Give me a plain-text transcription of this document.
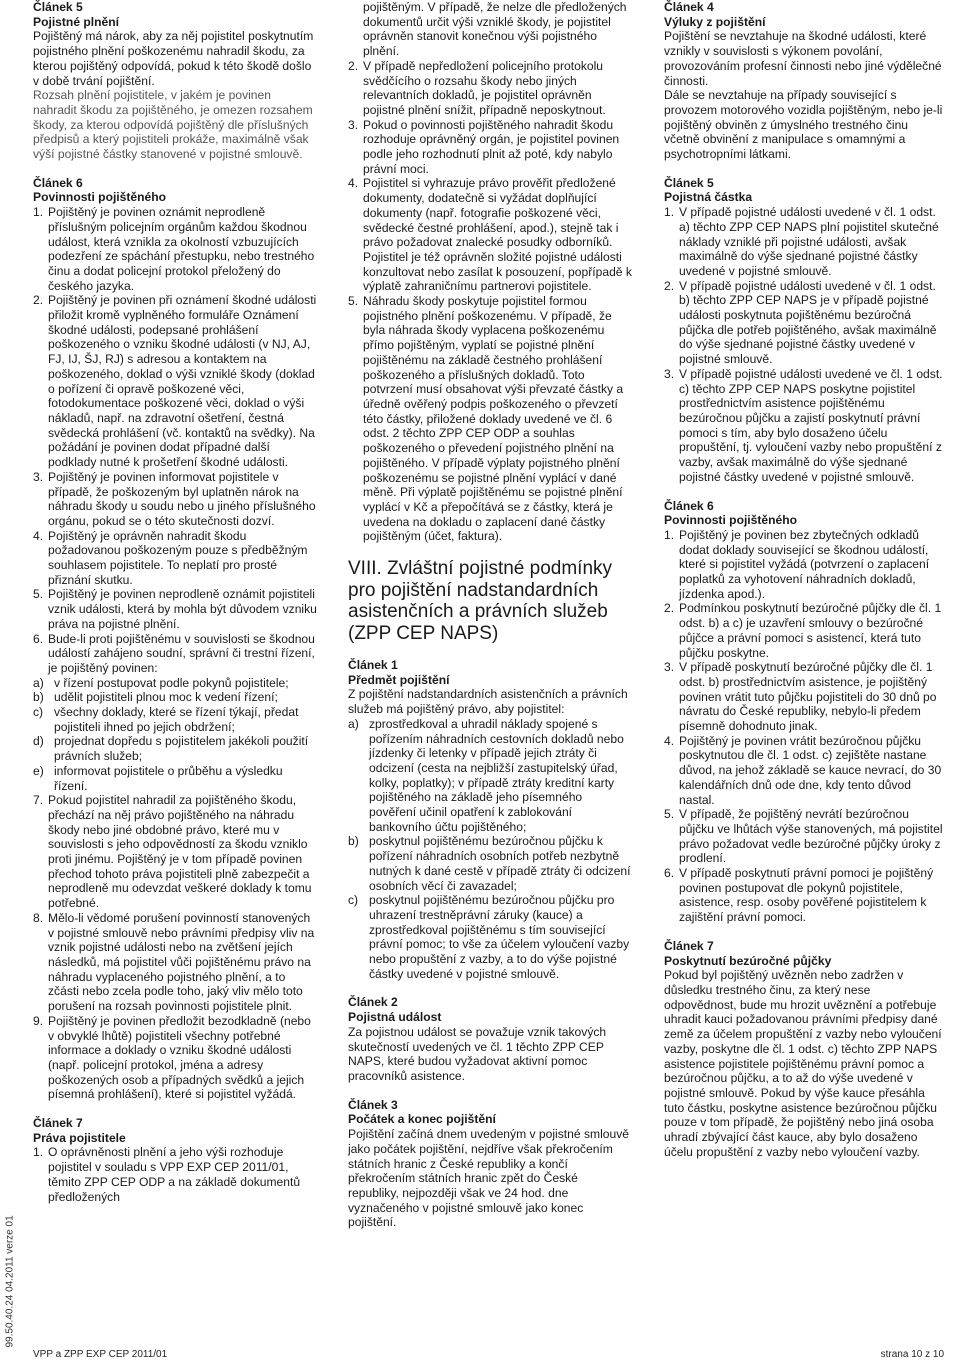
Článek 5

Pojistné plnění

Pojištěný má nárok, aby za něj pojistitel poskytnutím pojistného plnění poškozenému nahradil škodu, za kterou pojištěný odpovídá, pokud k této škodě došlo v době trvání pojištění.

Rozsah plnění pojistitele, v jakém je povinen nahradit škodu za pojištěného, je omezen rozsahem škody, za kterou odpovídá pojištěný dle příslušných předpisů a který pojistiteli prokáže, maximálně však výší pojistné částky stanovené v pojistné smlouvě.

Článek 6

Povinnosti pojištěného

1. Pojištěný je povinen oznámit neprodleně příslušným policejním orgánům každou škodnou událost, která vznikla za okolností vzbuzujících podezření ze spáchání přestupku, nebo trestného činu a dodat policejní protokol přeložený do českého jazyka.
2. Pojištěný je povinen při oznámení škodné události přiložit kromě vyplněného formuláře Oznámení škodné události, podepsané prohlášení poškozeného o vzniku škodné události (v NJ, AJ, FJ, IJ, ŠJ, RJ) s adresou a kontaktem na poškozeného, doklad o výši vzniklé škody (doklad o pořízení či opravě poškozené věci, fotodokumentace poškozené věci, doklad o výši nákladů, např. na zdravotní ošetření, čestná svědecká prohlášení (vč. kontaktů na svědky). Na požádání je povinen dodat případné další podklady nutné k prošetření škodné události.
3. Pojištěný je povinen informovat pojistitele v případě, že poškozeným byl uplatněn nárok na náhradu škody u soudu nebo u jiného příslušného orgánu, pokud se o této skutečnosti dozví.
4. Pojištěný je oprávněn nahradit škodu požadovanou poškozeným pouze s předběžným souhlasem pojistitele. To neplatí pro prosté přiznání skutku.
5. Pojištěný je povinen neprodleně oznámit pojistiteli vznik události, která by mohla být důvodem vzniku práva na pojistné plnění.
6. Bude-li proti pojištěnému v souvislosti se škodnou událostí zahájeno soudní, správní či trestní řízení, je pojištěný povinen:
a) v řízení postupovat podle pokynů pojistitele;
b) udělit pojistiteli plnou moc k vedení řízení;
c) všechny doklady, které se řízení týkají, předat pojistiteli ihned po jejich obdržení;
d) projednat dopředu s pojistitelem jakékoli použití právních služeb;
e) informovat pojistitele o průběhu a výsledku řízení.
7. Pokud pojistitel nahradil za pojištěného škodu, přechází na něj právo pojištěného na náhradu škody nebo jiné obdobné právo, které mu v souvislosti s jeho odpovědností za škodu vzniklo proti jinému. Pojištěný je v tom případě povinen přechod tohoto práva pojistiteli plně zabezpečit a neprodleně mu odevzdat veškeré doklady k tomu potřebné.
8. Mělo-li vědomé porušení povinností stanovených v pojistné smlouvě nebo právními předpisy vliv na vznik pojistné události nebo na zvětšení jejích následků, má pojistitel vůči pojištěnému právo na náhradu vyplaceného pojistného plnění, a to zčásti nebo zcela podle toho, jaký vliv mělo toto porušení na rozsah povinnosti pojistitele plnit.
9. Pojištěný je povinen předložit bezodkladně (nebo v obvyklé lhůtě) pojistiteli všechny potřebné informace a doklady o vzniku škodné události (např. policejní protokol, jména a adresy poškozených osob a případných svědků a jejich písemná prohlášení), které si pojistitel vyžádá.

Článek 7

Práva pojistitele

1. O oprávněnosti plnění a jeho výši rozhoduje pojistitel v souladu s VPP EXP CEP 2011/01, těmito ZPP CEP ODP a na základě dokumentů předložených

pojištěným. V případě, že nelze dle předložených dokumentů určit výši vzniklé škody, je pojistitel oprávněn stanovit konečnou výši pojistného plnění.

2. V případě nepředložení policejního protokolu svědčícího o rozsahu škody nebo jiných relevantních dokladů, je pojistitel oprávněn pojistné plnění snížit, případně neposkytnout.
3. Pokud o povinnosti pojištěného nahradit škodu rozhoduje oprávněný orgán, je pojistitel povinen podle jeho rozhodnutí plnit až poté, kdy nabylo právní moci.
4. Pojistitel si vyhrazuje právo prověřit předložené dokumenty, dodatečně si vyžádat doplňující dokumenty (např. fotografie poškozené věci, svědecké čestné prohlášení, apod.), stejně tak i právo požadovat znalecké posudky odborníků. Pojistitel je též oprávněn složité pojistné události konzultovat nebo zasílat k posouzení, popřípadě k výplatě zahraničnímu partnerovi pojistitele.
5. Náhradu škody poskytuje pojistitel formou pojistného plnění poškozenému. V případě, že byla náhrada škody vyplacena poškozenému přímo pojištěným, vyplatí se pojistné plnění pojištěnému na základě čestného prohlášení poškozeného a příslušných dokladů. Toto potvrzení musí obsahovat výši převzaté částky a úředně ověřený podpis poškozeného o převzetí této částky, přiložené doklady uvedené ve čl. 6 odst. 2 těchto ZPP CEP ODP a souhlas poškozeného o převedení pojistného plnění na pojištěného. V případě výplaty pojistného plnění poškozenému se pojistné plnění vyplácí v dané měně. Při výplatě pojištěnému se pojistné plnění vyplácí v Kč a přepočítává se z částky, která je uvedena na dokladu o zaplacení dané částky pojištěným (účet, faktura).

VIII. Zvláštní pojistné podmínky pro pojištění nadstandardních asistenčních a právních služeb (ZPP CEP NAPS)

Článek 1

Předmět pojištění

Z pojištění nadstandardních asistenčních a právních služeb má pojištěný právo, aby pojistitel:

a) zprostředkoval a uhradil náklady spojené s pořízením náhradních cestovních dokladů nebo jízdenky či letenky v případě jejich ztráty či odcizení (cesta na nejbližší zastupitelský úřad, kolky, poplatky); v případě ztráty kreditní karty pojištěného na základě jeho písemného pověření učinil opatření k zablokování bankovního účtu pojištěného;
b) poskytnul pojištěnému bezúročnou půjčku k pořízení náhradních osobních potřeb nezbytně nutných k dané cestě v případě ztráty či odcizení osobních věcí či zavazadel;
c) poskytnul pojištěnému bezúročnou půjčku pro uhrazení trestněprávní záruky (kauce) a zprostředkoval pojištěnému s tím související právní pomoc; to vše za účelem vyloučení vazby nebo propuštění z vazby, a to do výše pojistné částky uvedené v pojistné smlouvě.

Článek 2

Pojistná událost

Za pojistnou událost se považuje vznik takových skutečností uvedených ve čl. 1 těchto ZPP CEP NAPS, které budou vyžadovat aktivní pomoc pracovníků asistence.

Článek 3

Počátek a konec pojištění

Pojištění začíná dnem uvedeným v pojistné smlouvě jako počátek pojištění, nejdříve však překročením státních hranic z České republiky a končí překročením státních hranic zpět do České republiky, nejpozději však ve 24 hod. dne vyznačeného v pojistné smlouvě jako konec pojištění.

Článek 4

Výluky z pojištění

Pojištění se nevztahuje na škodné události, které vznikly v souvislosti s výkonem povolání, provozováním profesní činnosti nebo jiné výdělečné činnosti.

Dále se nevztahuje na případy související s provozem motorového vozidla pojištěným, nebo je-li pojištěný obviněn z úmyslného trestného činu včetně obvinění z manipulace s omamnými a psychotropními látkami.

Článek 5

Pojistná částka

1. V případě pojistné události uvedené v čl. 1 odst. a) těchto ZPP CEP NAPS plní pojistitel skutečné náklady vzniklé při pojistné události, avšak maximálně do výše sjednané pojistné částky uvedené v pojistné smlouvě.
2. V případě pojistné události uvedené v čl. 1 odst. b) těchto ZPP CEP NAPS je v případě pojistné události poskytnuta pojištěnému bezúročná půjčka dle potřeb pojištěného, avšak maximálně do výše sjednané pojistné částky uvedené v pojistné smlouvě.
3. V případě pojistné události uvedené ve čl. 1 odst. c) těchto ZPP CEP NAPS poskytne pojistitel prostřednictvím asistence pojištěnému bezúročnou půjčku a zajistí poskytnutí právní pomoci s tím, aby bylo dosaženo účelu propuštění, tj. vyloučení vazby nebo propuštění z vazby, avšak maximálně do výše sjednané pojistné částky uvedené v pojistné smlouvě.

Článek 6

Povinnosti pojištěného

1. Pojištěný je povinen bez zbytečných odkladů dodat doklady související se škodnou událostí, které si pojistitel vyžádá (potvrzení o zaplacení poplatků za vyhotovení náhradních dokladů, jízdenka apod.).
2. Podmínkou poskytnutí bezúročné půjčky dle čl. 1 odst. b) a c) je uzavření smlouvy o bezúročné půjčce a právní pomoci s asistencí, která tuto půjčku poskytne.
3. V případě poskytnutí bezúročné půjčky dle čl. 1 odst. b) prostřednictvím asistence, je pojištěný povinen vrátit tuto půjčku pojistiteli do 30 dnů po návratu do České republiky, nebylo-li předem písemně dohodnuto jinak.
4. Pojištěný je povinen vrátit bezúročnou půjčku poskytnutou dle čl. 1 odst. c) zejištěte nastane důvod, na jehož základě se kauce nevrací, do 30 kalendářních dnů ode dne, kdy tento důvod nastal.
5. V případě, že pojištěný nevrátí bezúročnou půjčku ve lhůtách výše stanovených, má pojistitel právo požadovat vedle bezúročné půjčky úroky z prodlení.
6. V případě poskytnutí právní pomoci je pojištěný povinen postupovat dle pokynů pojistitele, asistence, resp. osoby pověřené pojistitelem k zajištění právní pomoci.

Článek 7

Poskytnutí bezúročné půjčky

Pokud byl pojištěný uvězněn nebo zadržen v důsledku trestného činu, za který nese odpovědnost, bude mu hrozit uvěznění a potřebuje uhradit kauci požadovanou právními předpisy dané země za účelem propuštění z vazby nebo vyloučení vazby, poskytne dle čl. 1 odst. c) těchto ZPP NAPS asistence pojistitele pojištěnému právní pomoc a bezúročnou půjčku, a to až do výše uvedené v pojistné smlouvě. Pokud by výše kauce přesáhla tuto částku, poskytne asistence bezúročnou půjčku pouze v tom případě, že pojištěný nebo jiná osoba uhradí zbývající část kauce, aby bylo dosaženo účelu propuštění z vazby nebo vyloučení vazby.

99.50.40.24 04.2011 verze 01
VPP a ZPP EXP CEP 2011/01	strana 10 z 10
